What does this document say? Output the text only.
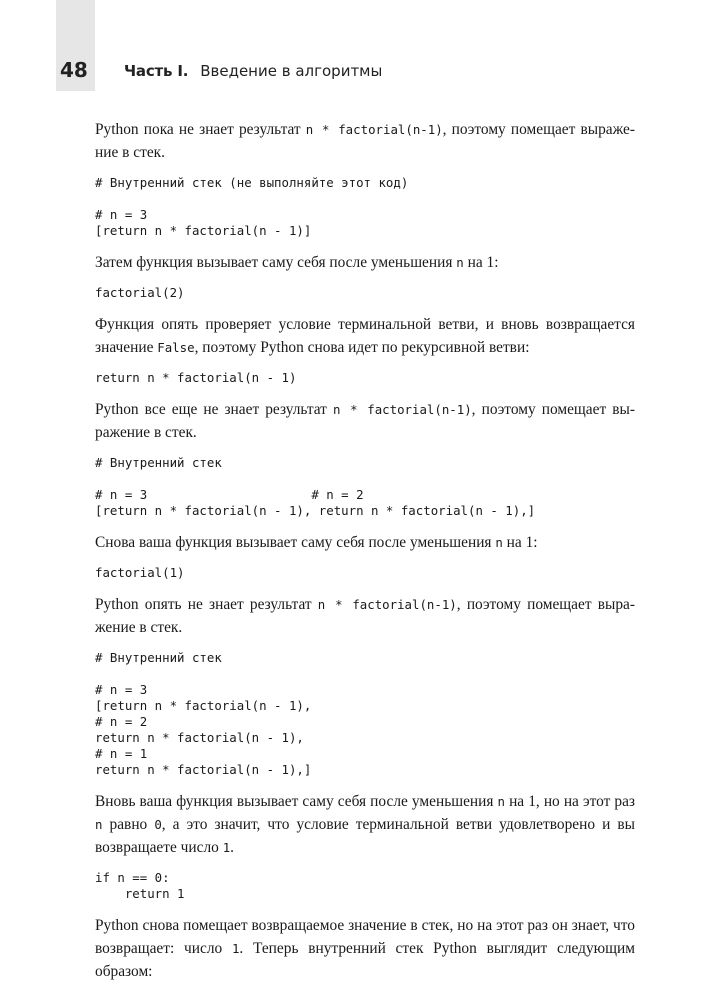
48 Часть I. Введение в алгоритмы

Python пока не знает результат n * factorial(n-1), поэтому помещает выраже-ние в стек.

# Внутренний стек (не выполняйте этот код)

# n = 3
[return n * factorial(n - 1)]

Затем функция вызывает саму себя после уменьшения n на 1:

factorial(2)

Функция опять проверяет условие терминальной ветви, и вновь возвращается значение False, поэтому Python снова идет по рекурсивной ветви:

return n * factorial(n - 1)

Python все еще не знает результат n * factorial(n-1), поэтому помещает вы-ражение в стек.

# Внутренний стек

# n = 3                      # n = 2
[return n * factorial(n - 1), return n * factorial(n - 1),]

Снова ваша функция вызывает саму себя после уменьшения n на 1:

factorial(1)

Python опять не знает результат n * factorial(n-1), поэтому помещает выра-жение в стек.

# Внутренний стек

# n = 3
[return n * factorial(n - 1),
# n = 2
return n * factorial(n - 1),
# n = 1
return n * factorial(n - 1),]

Вновь ваша функция вызывает саму себя после уменьшения n на 1, но на этот раз n равно 0, а это значит, что условие терминальной ветви удовлетворено и вы возвращаете число 1.

if n == 0:
return 1

Python снова помещает возвращаемое значение в стек, но на этот раз он знает, что возвращает: число 1. Теперь внутренний стек Python выглядит следующим образом:
